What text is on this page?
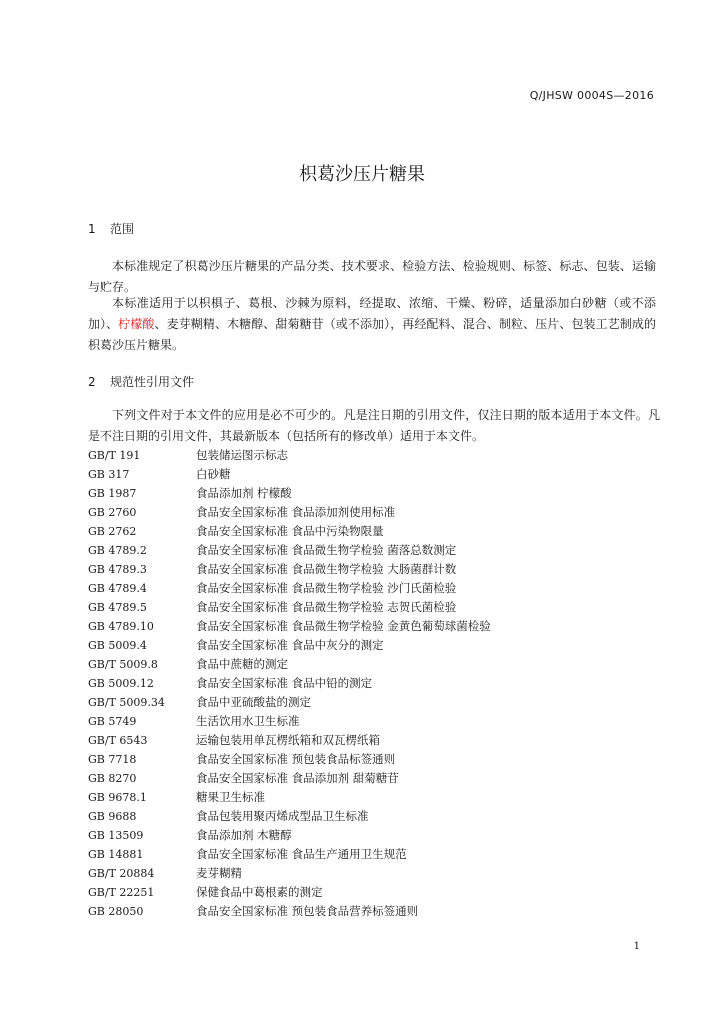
Q/JHSW 0004S—2016
枳葛沙压片糖果
1 范围
本标准规定了枳葛沙压片糖果的产品分类、技术要求、检验方法、检验规则、标签、标志、包装、运输与贮存。
本标准适用于以枳椇子、葛根、沙棘为原料，经提取、浓缩、干燥、粉碎，适量添加白砂糖（或不添加）、柠檬酸、麦芽糊精、木糖醇、甜菊糖苷（或不添加），再经配料、混合、制粒、压片、包装工艺制成的枳葛沙压片糖果。
2 规范性引用文件
下列文件对于本文件的应用是必不可少的。凡是注日期的引用文件，仅注日期的版本适用于本文件。凡是不注日期的引用文件，其最新版本（包括所有的修改单）适用于本文件。
GB/T 191	包装储运图示标志
GB 317	白砂糖
GB 1987	食品添加剂 柠檬酸
GB 2760	食品安全国家标准 食品添加剂使用标准
GB 2762	食品安全国家标准 食品中污染物限量
GB 4789.2	食品安全国家标准 食品微生物学检验 菌落总数测定
GB 4789.3	食品安全国家标准 食品微生物学检验 大肠菌群计数
GB 4789.4	食品安全国家标准 食品微生物学检验 沙门氏菌检验
GB 4789.5	食品安全国家标准 食品微生物学检验 志贺氏菌检验
GB 4789.10	食品安全国家标准 食品微生物学检验 金黄色葡萄球菌检验
GB 5009.4	食品安全国家标准 食品中灰分的测定
GB/T 5009.8	食品中蔗糖的测定
GB 5009.12	食品安全国家标准 食品中铅的测定
GB/T 5009.34	食品中亚硫酸盐的测定
GB 5749	生活饮用水卫生标准
GB/T 6543	运输包装用单瓦楞纸箱和双瓦楞纸箱
GB 7718	食品安全国家标准 预包装食品标签通则
GB 8270	食品安全国家标准 食品添加剂 甜菊糖苷
GB 9678.1	糖果卫生标准
GB 9688	食品包装用聚丙烯成型品卫生标准
GB 13509	食品添加剂 木糖醇
GB 14881	食品安全国家标准 食品生产通用卫生规范
GB/T 20884	麦芽糊精
GB/T 22251	保健食品中葛根素的测定
GB 28050	食品安全国家标准 预包装食品营养标签通则
1
